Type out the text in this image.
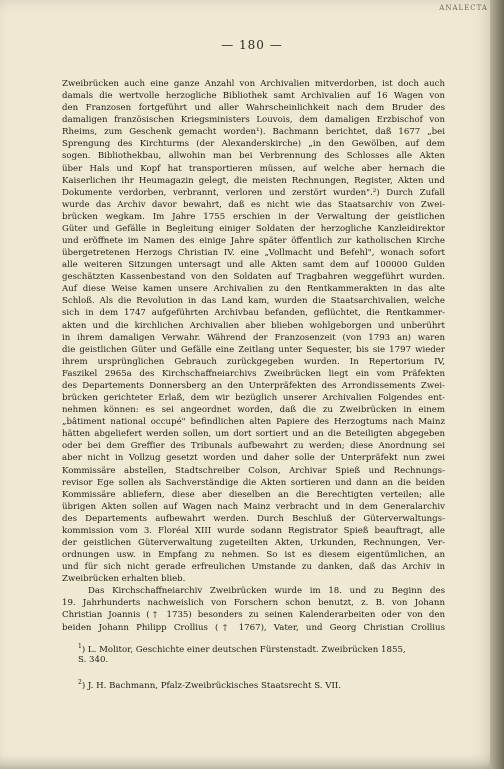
ANALECTA
— 180 —
Zweibrücken auch eine ganze Anzahl von Archivalien mitverdorben, ist doch auch
damals die wertvolle herzogliche Bibliothek samt Archivalien auf 16 Wagen von
den Franzosen fortgeführt und aller Wahrscheinlichkeit nach dem Bruder des
damaligen französischen Kriegsministers Louvois, dem damaligen Erzbischof von
Rheims, zum Geschenk gemacht worden¹). Bachmann berichtet, daß 1677 „bei
Sprengung des Kirchturms (der Alexanderskirche) „in den Gewölben, auf dem
sogen. Bibliothekbau, allwohin man bei Verbrennung des Schlosses alle Akten
über Hals und Kopf hat transportieren müssen, auf welche aber hernach die
Kaiserlichen ihr Heumagazin gelegt, die meisten Rechnungen, Register, Akten und
Dokumente verdorben, verbrannt, verloren und zerstört wurden".²) Durch Zufall
wurde das Archiv davor bewahrt, daß es nicht wie das Staatsarchiv von Zwei-
brücken wegkam. Im Jahre 1755 erschien in der Verwaltung der geistlichen
Güter und Gefälle in Begleitung einiger Soldaten der herzogliche Kanzleidirektor
und eröffnete im Namen des einige Jahre später öffentlich zur katholischen Kirche
übergetretenen Herzogs Christian IV. eine „Vollmacht und Befehl", wonach sofort
alle weiteren Sitzungen untersagt und alle Akten samt dem auf 100000 Gulden
geschätzten Kassenbestand von den Soldaten auf Tragbahren weggeführt wurden.
Auf diese Weise kamen unsere Archivalien zu den Rentkammerakten in das alte
Schloß. Als die Revolution in das Land kam, wurden die Staatsarchivalien, welche
sich in dem 1747 aufgeführten Archivbau befanden, geflüchtet, die Rentkammer-
akten und die kirchlichen Archivalien aber blieben wohlgeborgen und unberührt
in ihrem damaligen Verwahr. Während der Franzosenzeit (von 1793 an) waren
die geistlichen Güter und Gefälle eine Zeitlang unter Sequester, bis sie 1797 wieder
ihrem ursprünglichen Gebrauch zurückgegeben wurden. In Repertorium IV,
Faszikel 2965a des Kirchschaffneiarchivs Zweibrücken liegt ein vom Präfekten
des Departements Donnersberg an den Unterpräfekten des Arrondissements Zwei-
brücken gerichteter Erlaß, dem wir bezüglich unserer Archivalien Folgendes ent-
nehmen können: es sei angeordnet worden, daß die zu Zweibrücken in einem
„bâtiment national occupé" befindlichen alten Papiere des Herzogtums nach Mainz
hätten abgeliefert werden sollen, um dort sortiert und an die Beteiligten abgegeben
oder bei dem Greffier des Tribunals aufbewahrt zu werden; diese Anordnung sei
aber nicht in Vollzug gesetzt worden und daher solle der Unterpräfekt nun zwei
Kommissäre abstellen, Stadtschreiber Colson, Archivar Spieß und Rechnungs-
revisor Ege sollen als Sachverständige die Akten sortieren und dann an die beiden
Kommissäre abliefern, diese aber dieselben an die Berechtigten verteilen; alle
übrigen Akten sollen auf Wagen nach Mainz verbracht und in dem Generalarchiv
des Departements aufbewahrt werden. Durch Beschluß der Güterverwaltungs-
kommission vom 3. Floréal XIII wurde sodann Registrator Spieß beauftragt, alle
der geistlichen Güterverwaltung zugeteilten Akten, Urkunden, Rechnungen, Ver-
ordnungen usw. in Empfang zu nehmen. So ist es diesem eigentümlichen, an
und für sich nicht gerade erfreulichen Umstande zu danken, daß das Archiv in
Zweibrücken erhalten blieb.
Das Kirchschaffneiarchiv Zweibrücken wurde im 18. und zu Beginn des
19. Jahrhunderts nachweislich von Forschern schon benutzt, z. B. von Johann
Christian Joannis († 1735) besonders zu seinen Kalenderarbeiten oder von den
beiden Johann Philipp Crollius († 1767), Vater, und Georg Christian Crollius
$^1$) L. Molitor, Geschichte einer deutschen Fürstenstadt. Zweibrücken 1855,
S. 340.
$^2$) J. H. Bachmann, Pfalz-Zweibrückisches Staatsrecht S. VII.
